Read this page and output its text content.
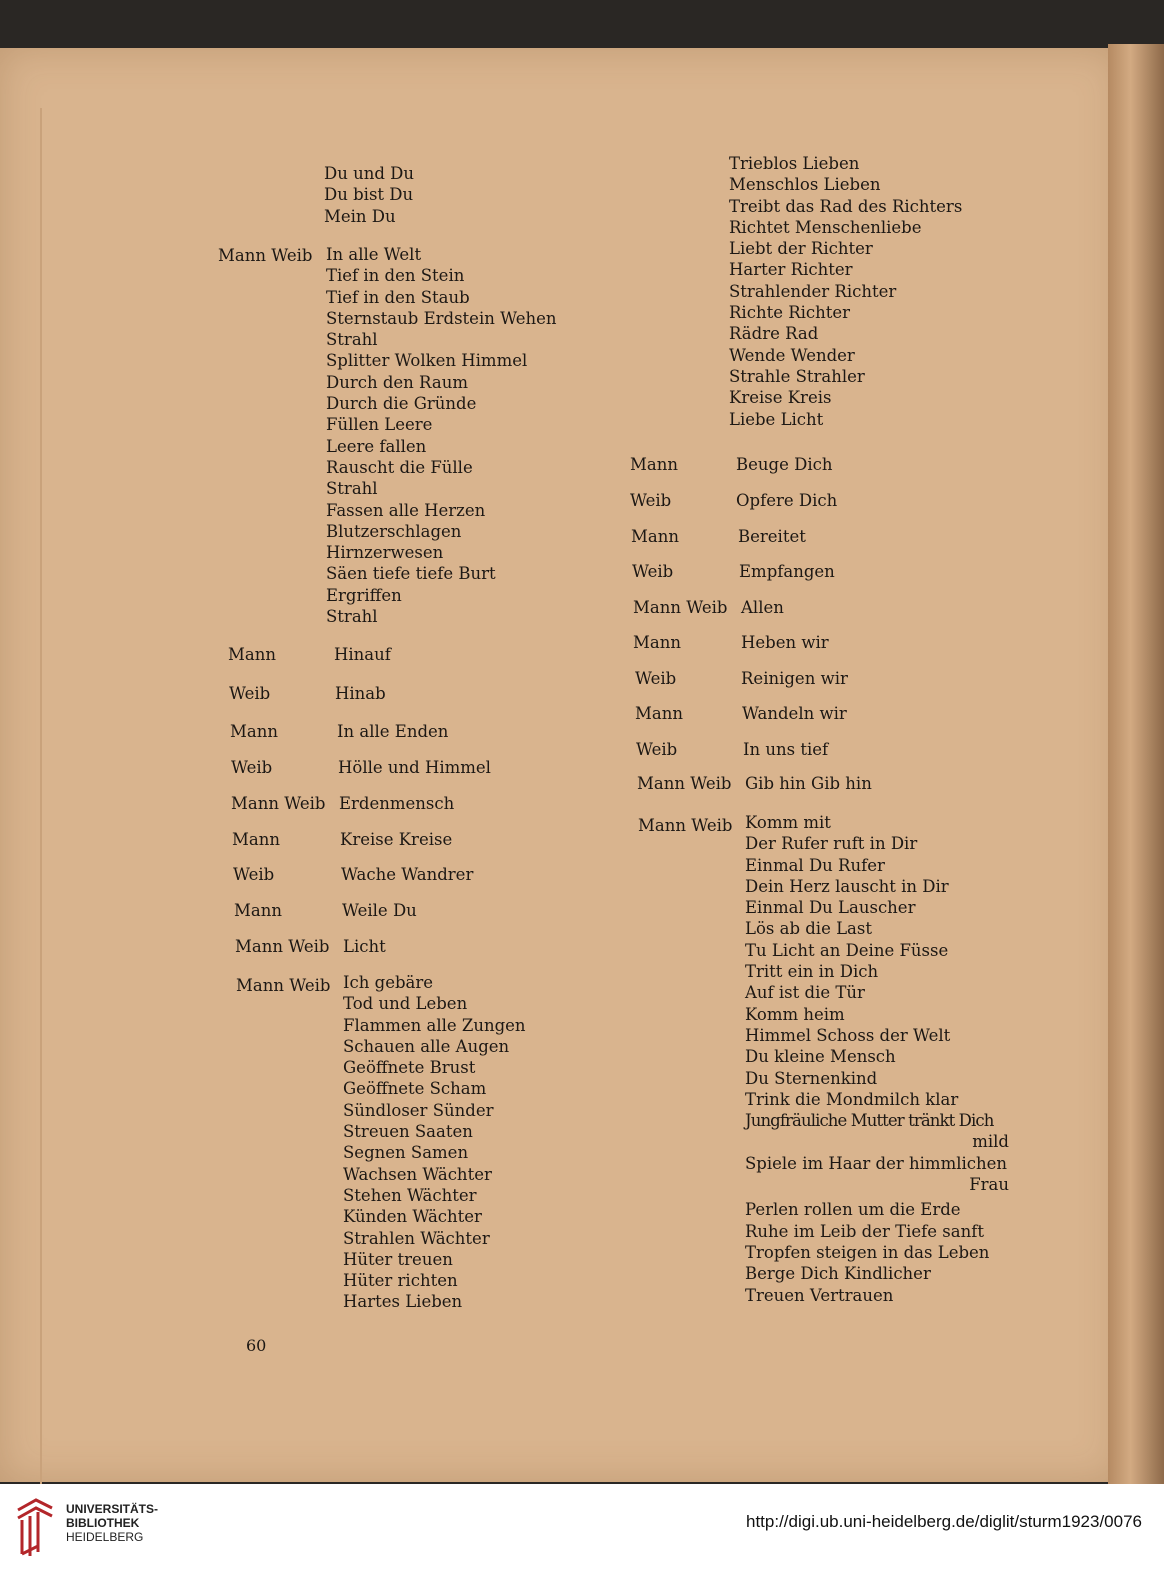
Du und Du
Du bist Du
Mein Du
Mann Weib In alle Welt
Tief in den Stein
Tief in den Staub
Sternstaub Erdstein Wehen
Strahl
Splitter Wolken Himmel
Durch den Raum
Durch die Gründe
Füllen Leere
Leere fallen
Rauscht die Fülle
Strahl
Fassen alle Herzen
Blutzerschlagen
Hirnzerwesen
Säen tiefe tiefe Burt
Ergriffen
Strahl
Mann	Hinauf
Weib	Hinab
Mann	In alle Enden
Weib	Hölle und Himmel
Mann Weib Erdenmensch
Mann	Kreise Kreise
Weib	Wache Wandrer
Mann	Weile Du
Mann Weib Licht
Mann Weib Ich gebäre
Tod und Leben
Flammen alle Zungen
Schauen alle Augen
Geöffnete Brust
Geöffnete Scham
Sündloser Sünder
Streuen Saaten
Segnen Samen
Wachsen Wächter
Stehen Wächter
Künden Wächter
Strahlen Wächter
Hüter treuen
Hüter richten
Hartes Lieben
60
Trieblos Lieben
Menschlos Lieben
Treibt das Rad des Richters
Richtet Menschenliebe
Liebt der Richter
Harter Richter
Strahlender Richter
Richte Richter
Rädre Rad
Wende Wender
Strahle Strahler
Kreise Kreis
Liebe Licht
Mann	Beuge Dich
Weib	Opfere Dich
Mann	Bereitet
Weib	Empfangen
Mann Weib Allen
Mann	Heben wir
Weib	Reinigen wir
Mann	Wandeln wir
Weib	In uns tief
Mann Weib Gib hin Gib hin
Mann Weib Komm mit
Der Rufer ruft in Dir
Einmal Du Rufer
Dein Herz lauscht in Dir
Einmal Du Lauscher
Lös ab die Last
Tu Licht an Deine Füsse
Tritt ein in Dich
Auf ist die Tür
Komm heim
Himmel Schoss der Welt
Du kleine Mensch
Du Sternenkind
Trink die Mondmilch klar
Jungfräuliche Mutter tränkt Dich
mild
Spiele im Haar der himmlichen
Frau
Perlen rollen um die Erde
Ruhe im Leib der Tiefe sanft
Tropfen steigen in das Leben
Berge Dich Kindlicher
Treuen Vertrauen
UNIVERSITÄTS-
BIBLIOTHEK
HEIDELBERG
http://digi.ub.uni-heidelberg.de/diglit/sturm1923/0076
